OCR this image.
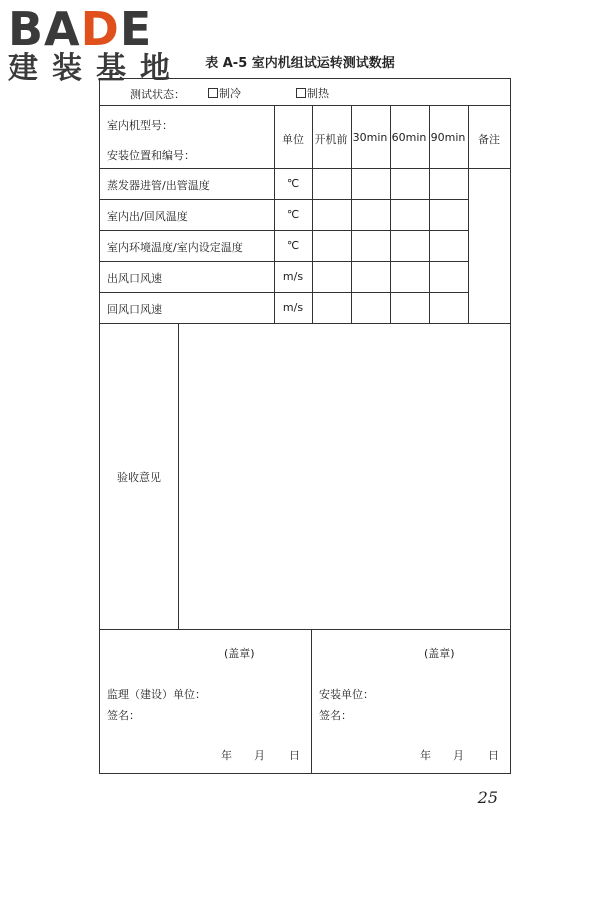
BADE
建装基地	表 A-5 室内机组试运转测试数据
测试状态：	制冷	制热
室内机型号：
安装位置和编号：
单位 开机前 30min 60min 90min 备注
蒸发器进管/出管温度	℃
室内出/回风温度	℃
室内环境温度/室内设定温度	℃
出风口风速	m/s
回风口风速	m/s
验收意见
(盖章)
监理（建设）单位：
签名：
年 月 日
(盖章)
安装单位：
签名：
年 月 日
25
